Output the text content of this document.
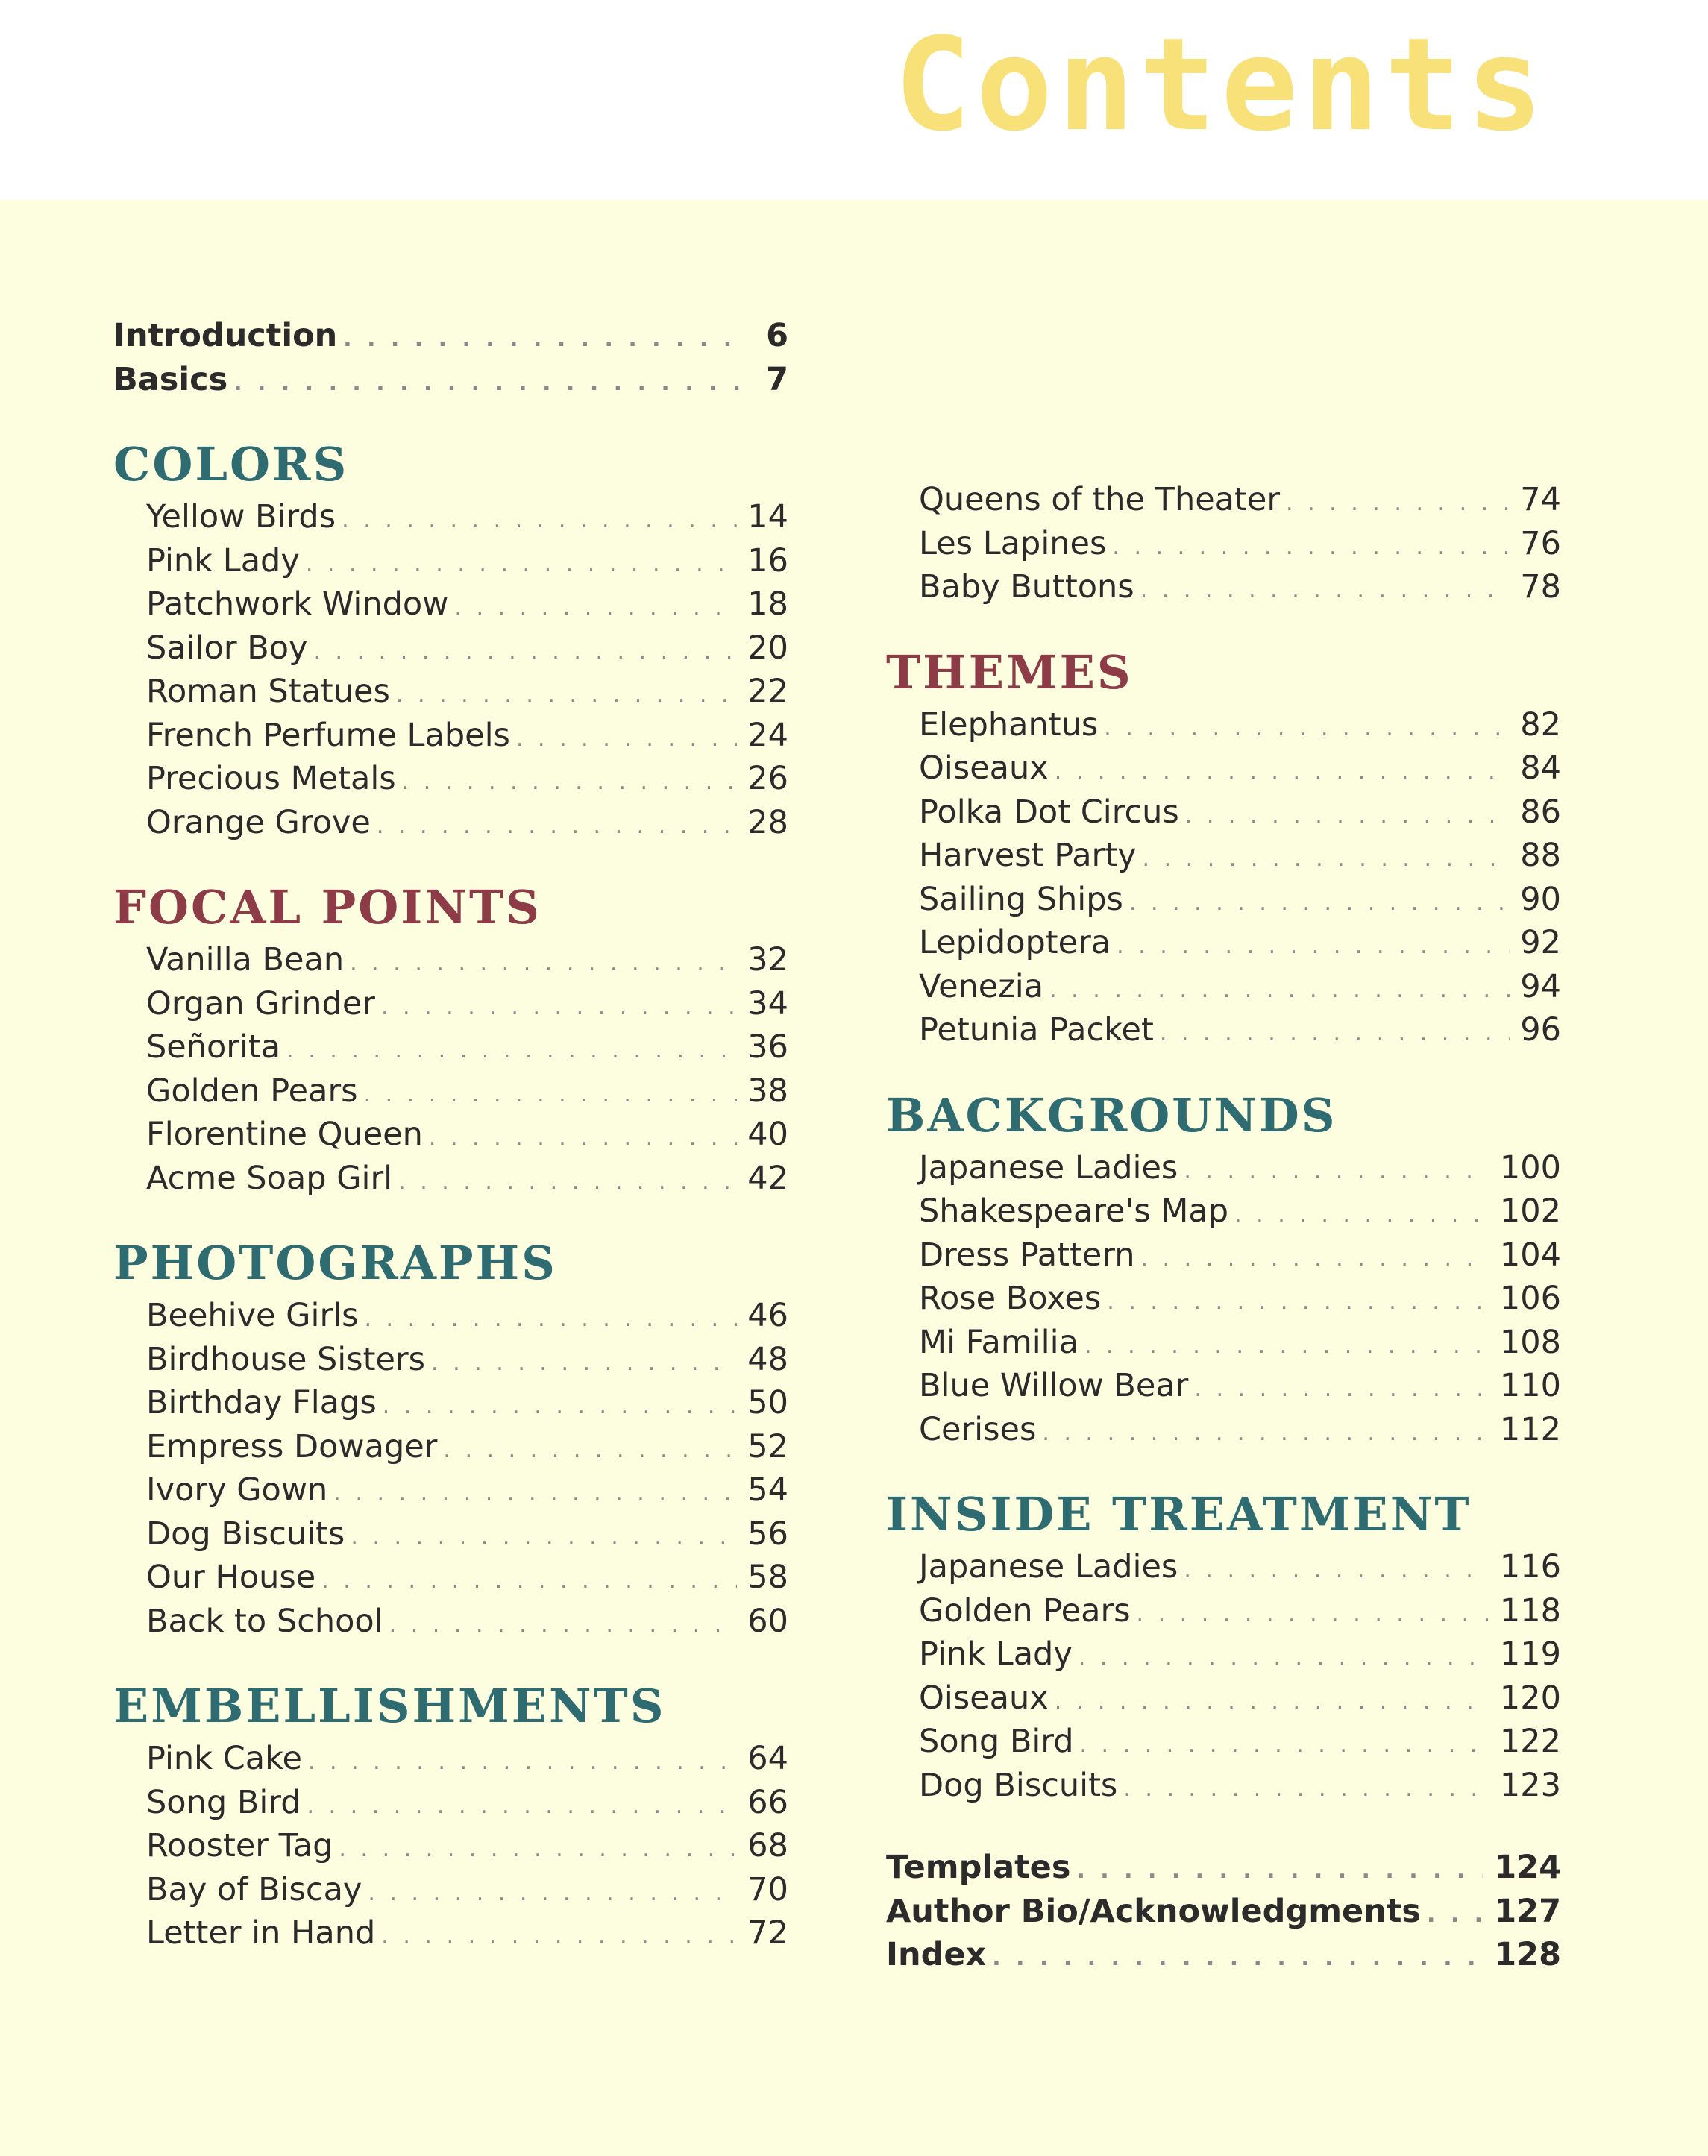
Contents
Introduction . . .	6
Basics . . .	7
COLORS
Yellow Birds . . .	14
Pink Lady . . .	16
Patchwork Window . . .	18
Sailor Boy . . .	20
Roman Statues . . .	22
French Perfume Labels . . .	24
Precious Metals . . .	26
Orange Grove . . .	28
FOCAL POINTS
Vanilla Bean . . .	32
Organ Grinder . . .	34
Señorita . . .	36
Golden Pears . . .	38
Florentine Queen . . .	40
Acme Soap Girl . . .	42
PHOTOGRAPHS
Beehive Girls . . .	46
Birdhouse Sisters . . .	48
Birthday Flags . . .	50
Empress Dowager . . .	52
Ivory Gown . . .	54
Dog Biscuits . . .	56
Our House . . .	58
Back to School . . .	60
EMBELLISHMENTS
Pink Cake . . .	64
Song Bird . . .	66
Rooster Tag . . .	68
Bay of Biscay . . .	70
Letter in Hand . . .	72
Queens of the Theater . . .	74
Les Lapines . . .	76
Baby Buttons . . .	78
THEMES
Elephantus . . .	82
Oiseaux . . .	84
Polka Dot Circus . . .	86
Harvest Party . . .	88
Sailing Ships . . .	90
Lepidoptera . . .	92
Venezia . . .	94
Petunia Packet . . .	96
BACKGROUNDS
Japanese Ladies . . .	100
Shakespeare's Map . . .	102
Dress Pattern . . .	104
Rose Boxes . . .	106
Mi Familia . . .	108
Blue Willow Bear . . .	110
Cerises . . .	112
INSIDE TREATMENT
Japanese Ladies . . .	116
Golden Pears . . .	118
Pink Lady . . .	119
Oiseaux . . .	120
Song Bird . . .	122
Dog Biscuits . . .	123
Templates . . .	124
Author Bio/Acknowledgments . . . 127
Index . . .	128
